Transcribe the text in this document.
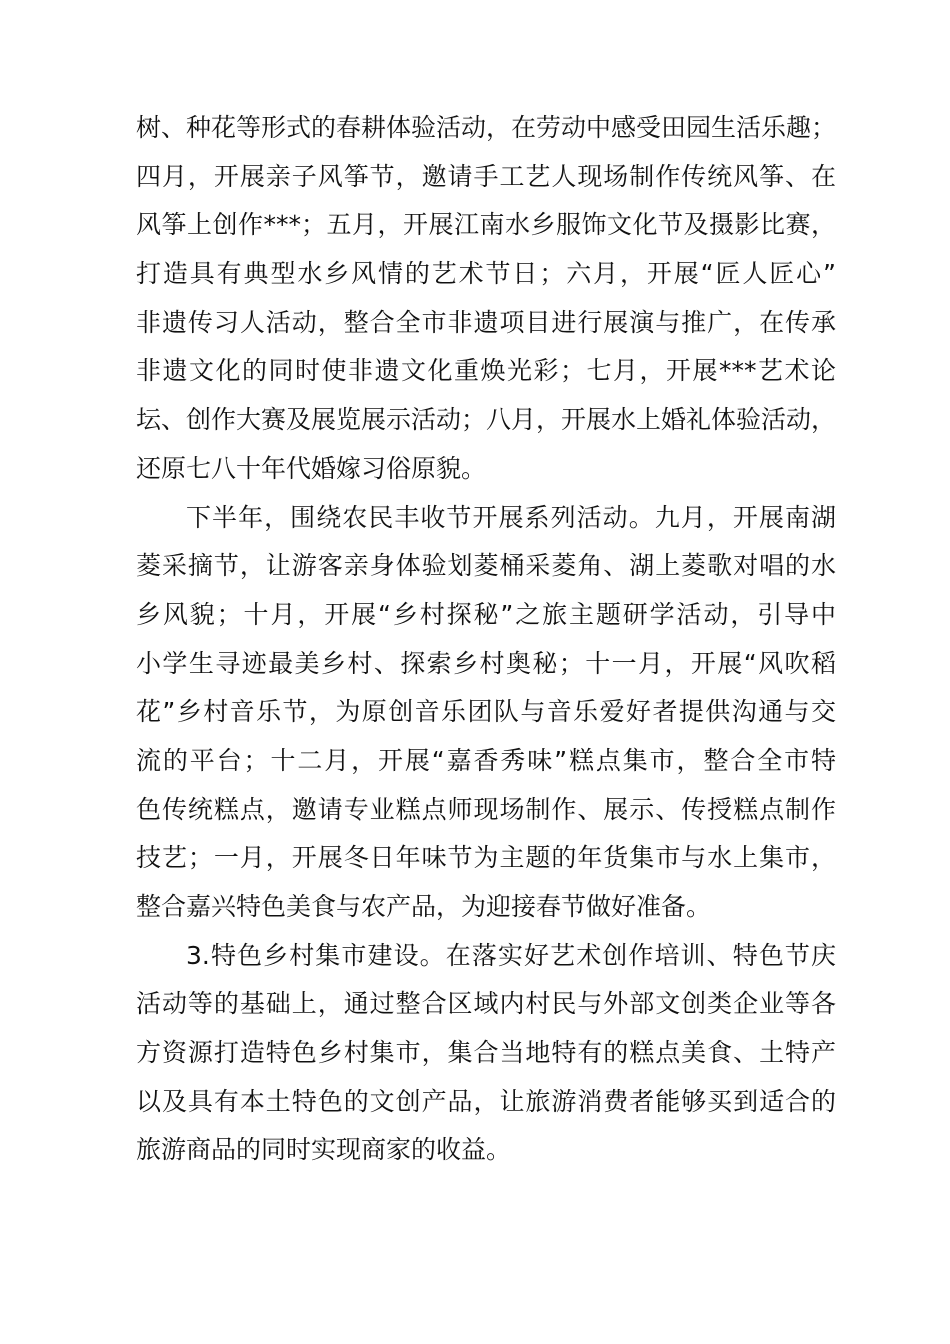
树、种花等形式的春耕体验活动，在劳动中感受田园生活乐趣；
四月，开展亲子风筝节，邀请手工艺人现场制作传统风筝、在
风筝上创作***；五月，开展江南水乡服饰文化节及摄影比赛，
打造具有典型水乡风情的艺术节日；六月，开展“匠人匠心”
非遗传习人活动，整合全市非遗项目进行展演与推广，在传承
非遗文化的同时使非遗文化重焕光彩；七月，开展***艺术论
坛、创作大赛及展览展示活动；八月，开展水上婚礼体验活动，
还原七八十年代婚嫁习俗原貌。
下半年，围绕农民丰收节开展系列活动。九月，开展南湖
菱采摘节，让游客亲身体验划菱桶采菱角、湖上菱歌对唱的水
乡风貌；十月，开展“乡村探秘”之旅主题研学活动，引导中
小学生寻迹最美乡村、探索乡村奥秘；十一月，开展“风吹稻
花”乡村音乐节，为原创音乐团队与音乐爱好者提供沟通与交
流的平台；十二月，开展“嘉香秀味”糕点集市，整合全市特
色传统糕点，邀请专业糕点师现场制作、展示、传授糕点制作
技艺；一月，开展冬日年味节为主题的年货集市与水上集市，
整合嘉兴特色美食与农产品，为迎接春节做好准备。
3.特色乡村集市建设。在落实好艺术创作培训、特色节庆
活动等的基础上，通过整合区域内村民与外部文创类企业等各
方资源打造特色乡村集市，集合当地特有的糕点美食、土特产
以及具有本土特色的文创产品，让旅游消费者能够买到适合的
旅游商品的同时实现商家的收益。
